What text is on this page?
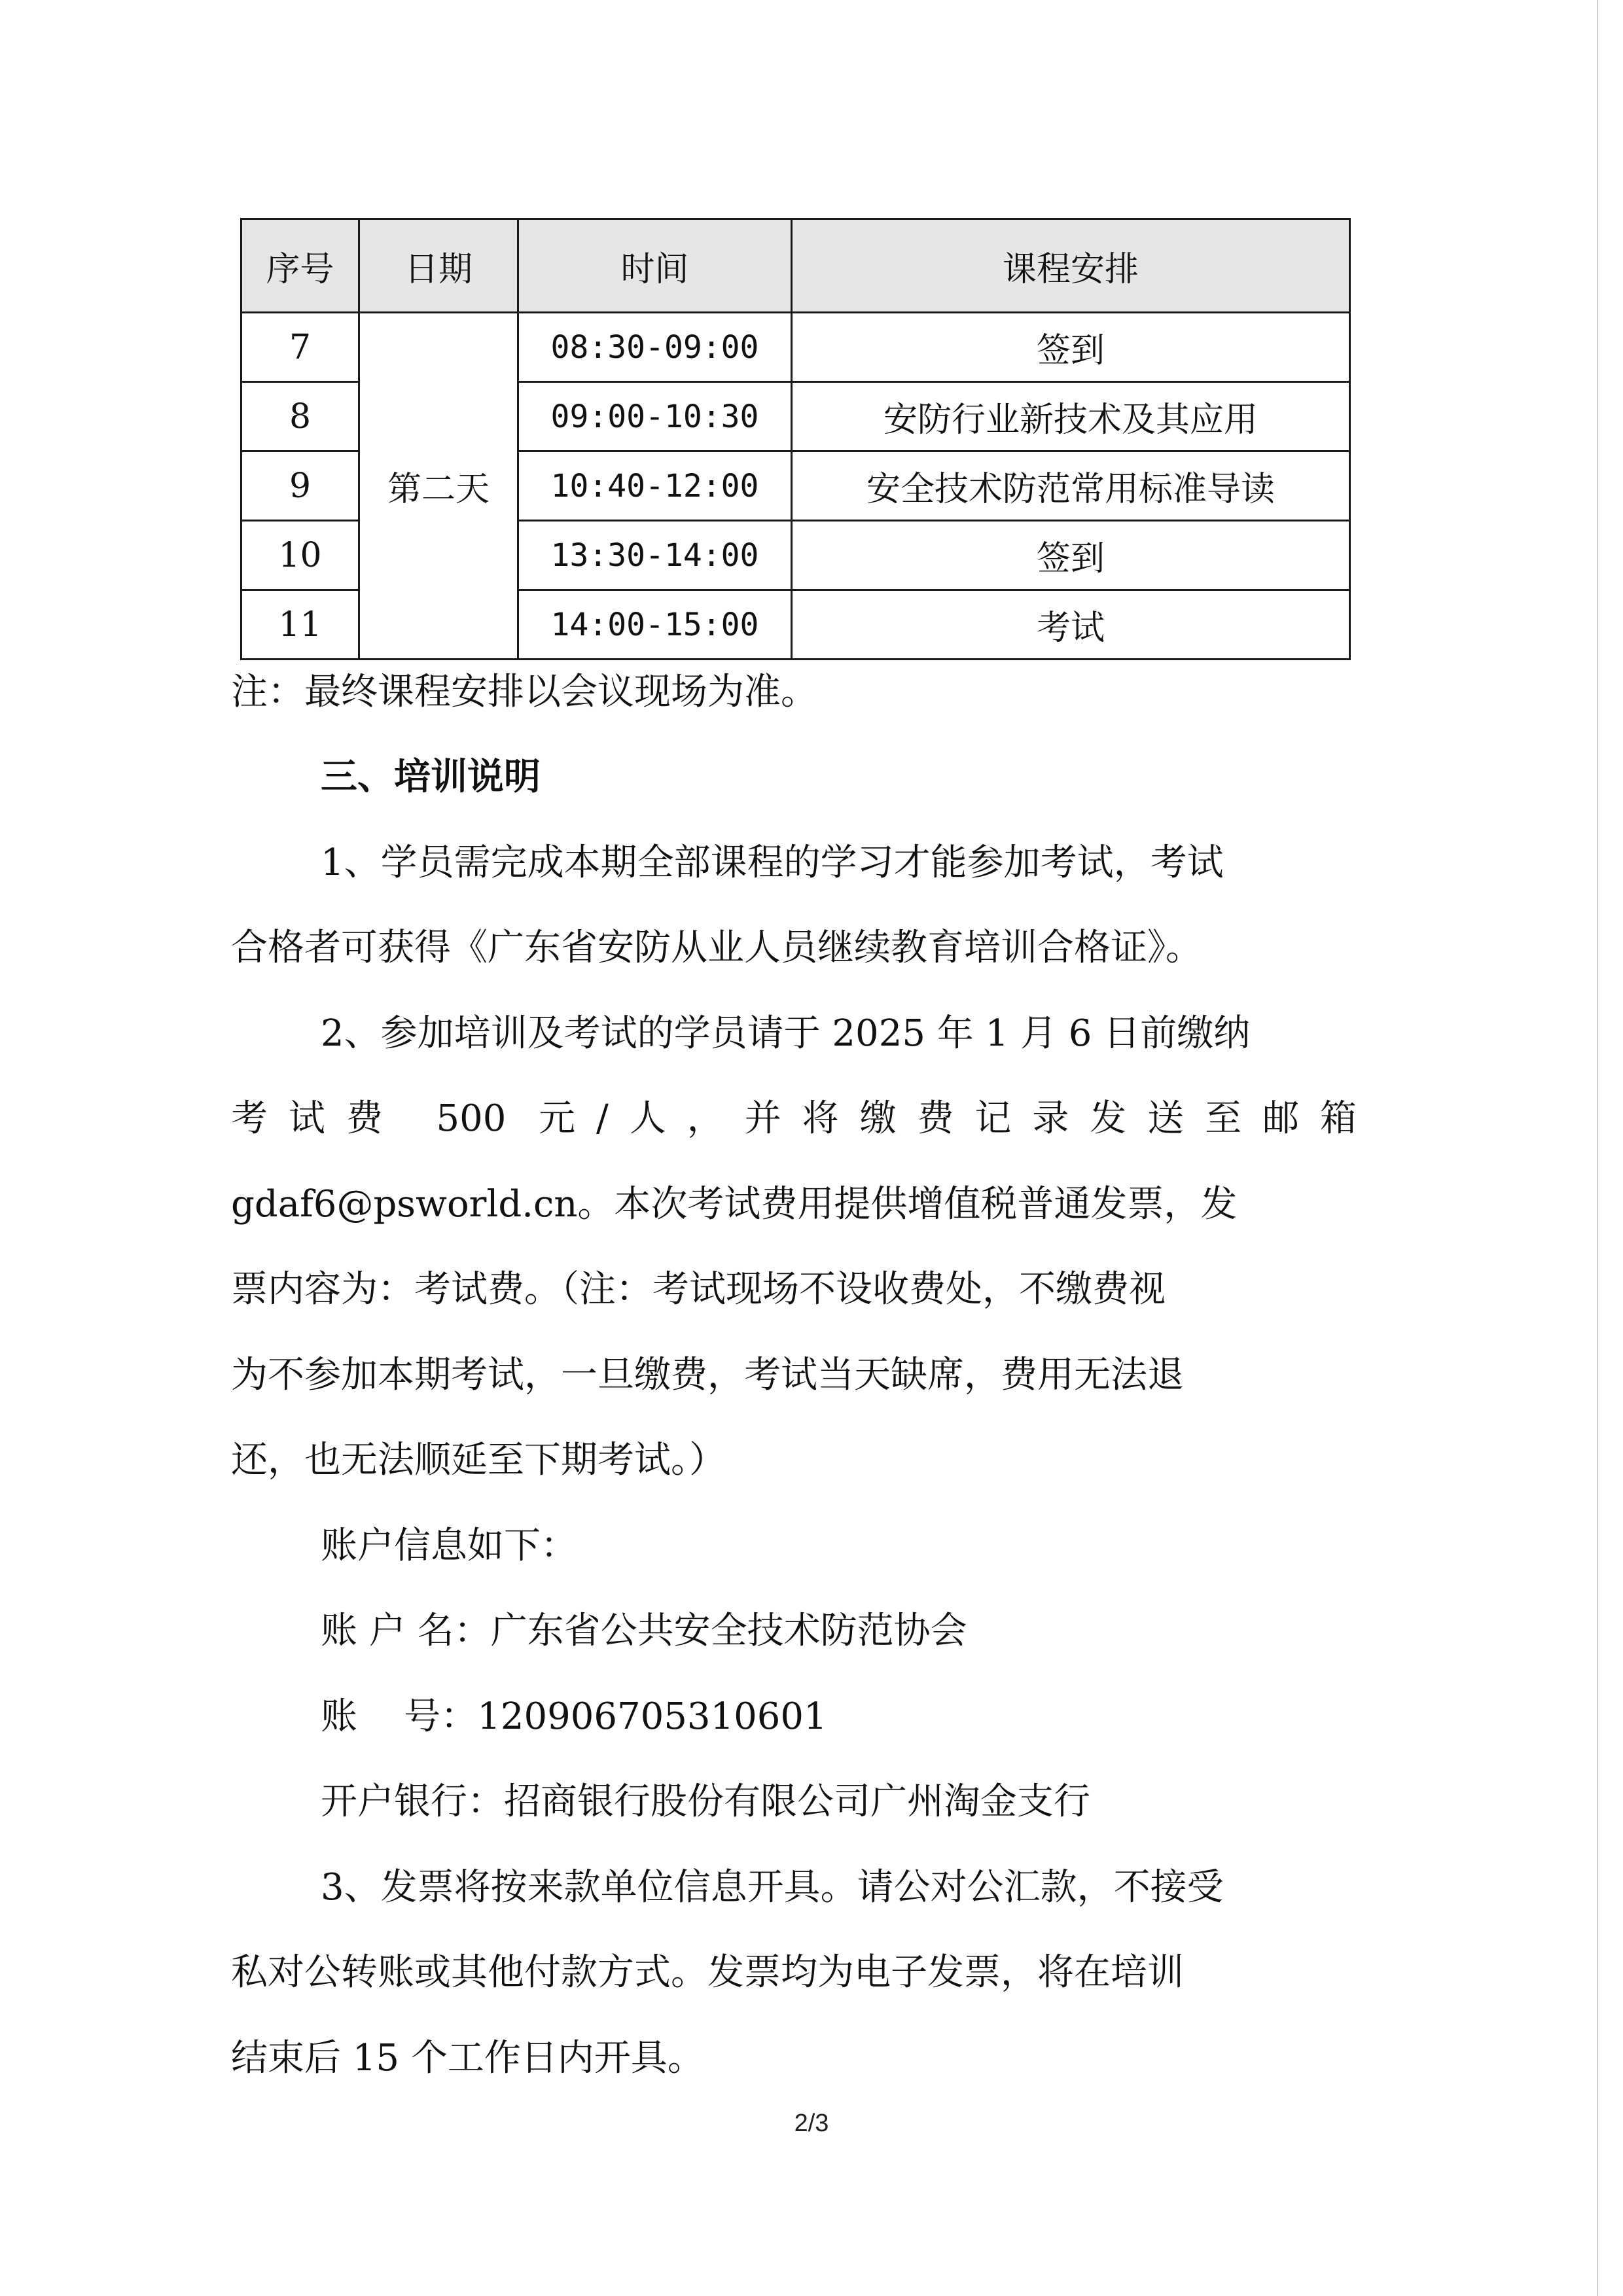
序号	日期	时间	课程安排
7	第二天	08:30-09:00	签到
8		09:00-10:30	安防行业新技术及其应用
9		10:40-12:00	安全技术防范常用标准导读
10		13:30-14:00	签到
11		14:00-15:00	考试
注：最终课程安排以会议现场为准。
三、培训说明
1、学员需完成本期全部课程的学习才能参加考试，考试
合格者可获得《广东省安防从业人员继续教育培训合格证》。
2、参加培训及考试的学员请于 2025 年 1 月 6 日前缴纳
考试费 500 元/人，并将缴费记录发送至邮箱
gdaf6@psworld.cn。本次考试费用提供增值税普通发票，发
票内容为：考试费。（注：考试现场不设收费处，不缴费视
为不参加本期考试，一旦缴费，考试当天缺席，费用无法退
还，也无法顺延至下期考试。）
账户信息如下：
账 户 名：广东省公共安全技术防范协会
账    号：120906705310601
开户银行：招商银行股份有限公司广州淘金支行
3、发票将按来款单位信息开具。请公对公汇款，不接受
私对公转账或其他付款方式。发票均为电子发票，将在培训
结束后 15 个工作日内开具。
2/3
